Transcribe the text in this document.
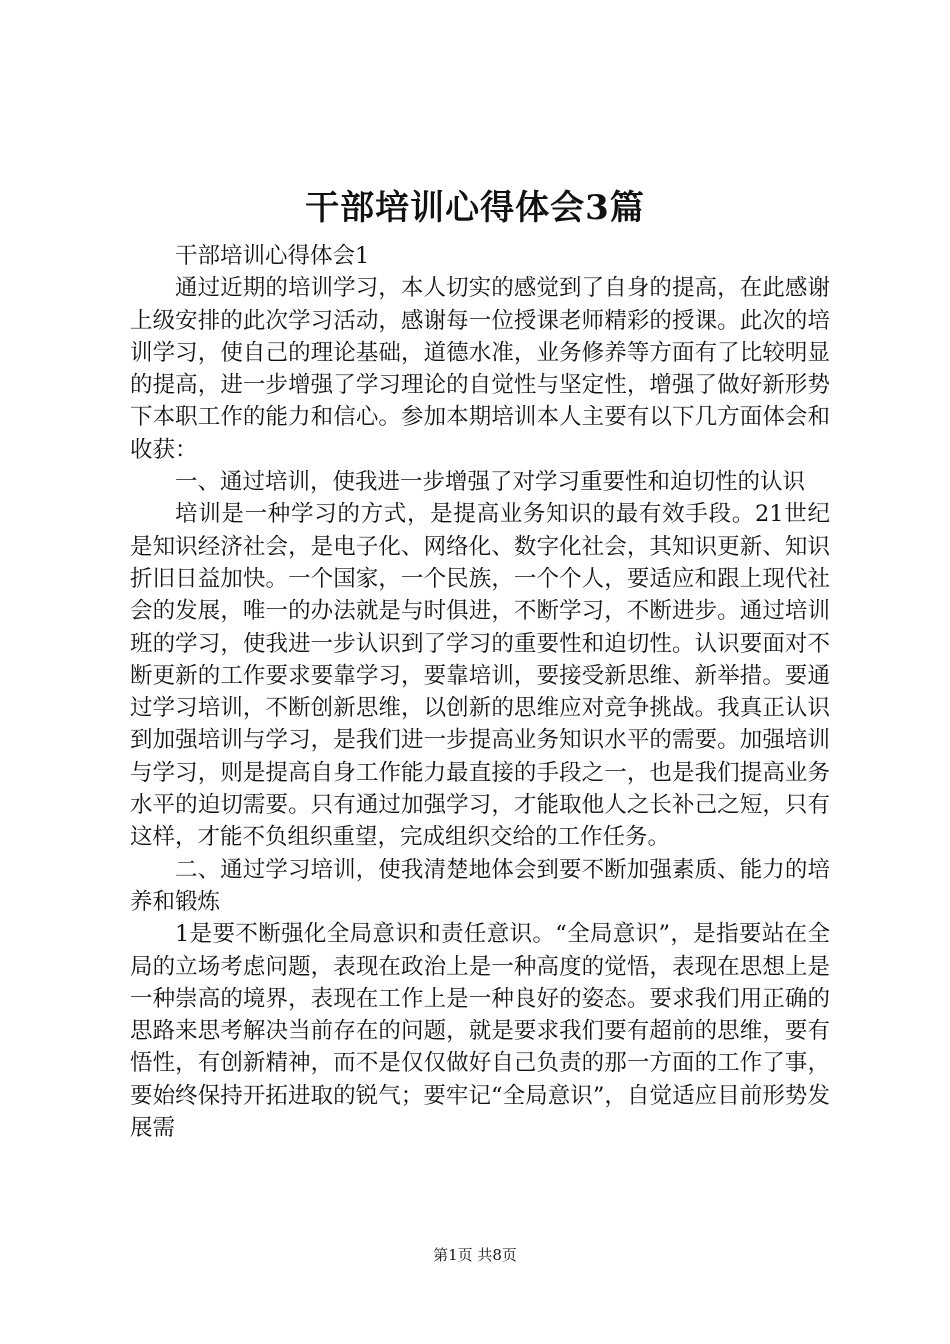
干部培训心得体会3篇

干部培训心得体会1

通过近期的培训学习，本人切实的感觉到了自身的提高，在此感谢上级安排的此次学习活动，感谢每一位授课老师精彩的授课。此次的培训学习，使自己的理论基础，道德水准，业务修养等方面有了比较明显的提高，进一步增强了学习理论的自觉性与坚定性，增强了做好新形势下本职工作的能力和信心。参加本期培训本人主要有以下几方面体会和收获：

一、通过培训，使我进一步增强了对学习重要性和迫切性的认识

培训是一种学习的方式，是提高业务知识的最有效手段。21世纪是知识经济社会，是电子化、网络化、数字化社会，其知识更新、知识折旧日益加快。一个国家，一个民族，一个个人，要适应和跟上现代社会的发展，唯一的办法就是与时俱进，不断学习，不断进步。通过培训班的学习，使我进一步认识到了学习的重要性和迫切性。认识要面对不断更新的工作要求要靠学习，要靠培训，要接受新思维、新举措。要通过学习培训，不断创新思维，以创新的思维应对竞争挑战。我真正认识到加强培训与学习，是我们进一步提高业务知识水平的需要。加强培训与学习，则是提高自身工作能力最直接的手段之一，也是我们提高业务水平的迫切需要。只有通过加强学习，才能取他人之长补己之短，只有这样，才能不负组织重望，完成组织交给的工作任务。

二、通过学习培训，使我清楚地体会到要不断加强素质、能力的培养和锻炼

1是要不断强化全局意识和责任意识。“全局意识”，是指要站在全局的立场考虑问题，表现在政治上是一种高度的觉悟，表现在思想上是一种崇高的境界，表现在工作上是一种良好的姿态。要求我们用正确的思路来思考解决当前存在的问题，就是要求我们要有超前的思维，要有悟性，有创新精神，而不是仅仅做好自己负责的那一方面的工作了事，要始终保持开拓进取的锐气；要牢记“全局意识”，自觉适应目前形势发展需

第1页 共8页
